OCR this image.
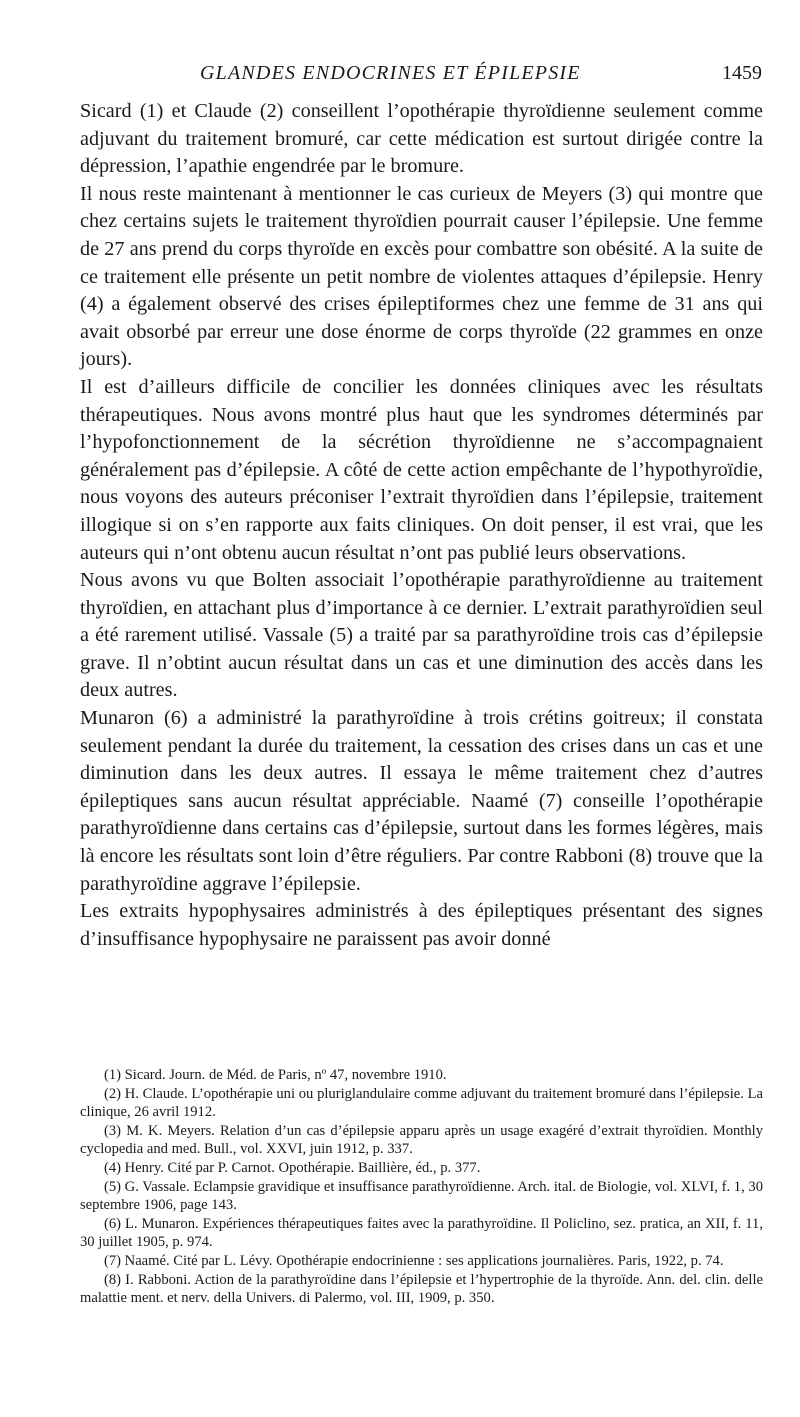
GLANDES ENDOCRINES ET ÉPILEPSIE	1459

Sicard (1) et Claude (2) conseillent l’opothérapie thyroïdienne seulement comme adjuvant du traitement bromuré, car cette médication est surtout dirigée contre la dépression, l’apathie engendrée par le bromure.

Il nous reste maintenant à mentionner le cas curieux de Meyers (3) qui montre que chez certains sujets le traitement thyroïdien pourrait causer l’épilepsie. Une femme de 27 ans prend du corps thyroïde en excès pour combattre son obésité. A la suite de ce traitement elle présente un petit nombre de violentes attaques d’épilepsie. Henry (4) a également observé des crises épileptiformes chez une femme de 31 ans qui avait obsorbé par erreur une dose énorme de corps thyroïde (22 grammes en onze jours).

Il est d’ailleurs difficile de concilier les données cliniques avec les résultats thérapeutiques. Nous avons montré plus haut que les syndromes déterminés par l’hypofonctionnement de la sécrétion thyroïdienne ne s’accompagnaient généralement pas d’épilepsie. A côté de cette action empêchante de l’hypothyroïdie, nous voyons des auteurs préconiser l’extrait thyroïdien dans l’épilepsie, traitement illogique si on s’en rapporte aux faits cliniques. On doit penser, il est vrai, que les auteurs qui n’ont obtenu aucun résultat n’ont pas publié leurs observations.

Nous avons vu que Bolten associait l’opothérapie parathyroïdienne au traitement thyroïdien, en attachant plus d’importance à ce dernier. L’extrait parathyroïdien seul a été rarement utilisé. Vassale (5) a traité par sa parathyroïdine trois cas d’épilepsie grave. Il n’obtint aucun résultat dans un cas et une diminution des accès dans les deux autres.

Munaron (6) a administré la parathyroïdine à trois crétins goitreux; il constata seulement pendant la durée du traitement, la cessation des crises dans un cas et une diminution dans les deux autres. Il essaya le même traitement chez d’autres épileptiques sans aucun résultat appréciable. Naamé (7) conseille l’opothérapie parathyroïdienne dans certains cas d’épilepsie, surtout dans les formes légères, mais là encore les résultats sont loin d’être réguliers. Par contre Rabboni (8) trouve que la parathyroïdine aggrave l’épilepsie.

Les extraits hypophysaires administrés à des épileptiques présentant des signes d’insuffisance hypophysaire ne paraissent pas avoir donné

(1) Sicard. Journ. de Méd. de Paris, nº 47, novembre 1910.

(2) H. Claude. L’opothérapie uni ou pluriglandulaire comme adjuvant du traitement bromuré dans l’épilepsie. La clinique, 26 avril 1912.

(3) M. K. Meyers. Relation d’un cas d’épilepsie apparu après un usage exagéré d’extrait thyroïdien. Monthly cyclopedia and med. Bull., vol. XXVI, juin 1912, p. 337.

(4) Henry. Cité par P. Carnot. Opothérapie. Baillière, éd., p. 377.

(5) G. Vassale. Eclampsie gravidique et insuffisance parathyroïdienne. Arch. ital. de Biologie, vol. XLVI, f. 1, 30 septembre 1906, page 143.

(6) L. Munaron. Expériences thérapeutiques faites avec la parathyroïdine. Il Policlino, sez. pratica, an XII, f. 11, 30 juillet 1905, p. 974.

(7) Naamé. Cité par L. Lévy. Opothérapie endocrinienne : ses applications journalières. Paris, 1922, p. 74.

(8) I. Rabboni. Action de la parathyroïdine dans l’épilepsie et l’hypertrophie de la thyroïde. Ann. del. clin. delle malattie ment. et nerv. della Univers. di Palermo, vol. III, 1909, p. 350.
